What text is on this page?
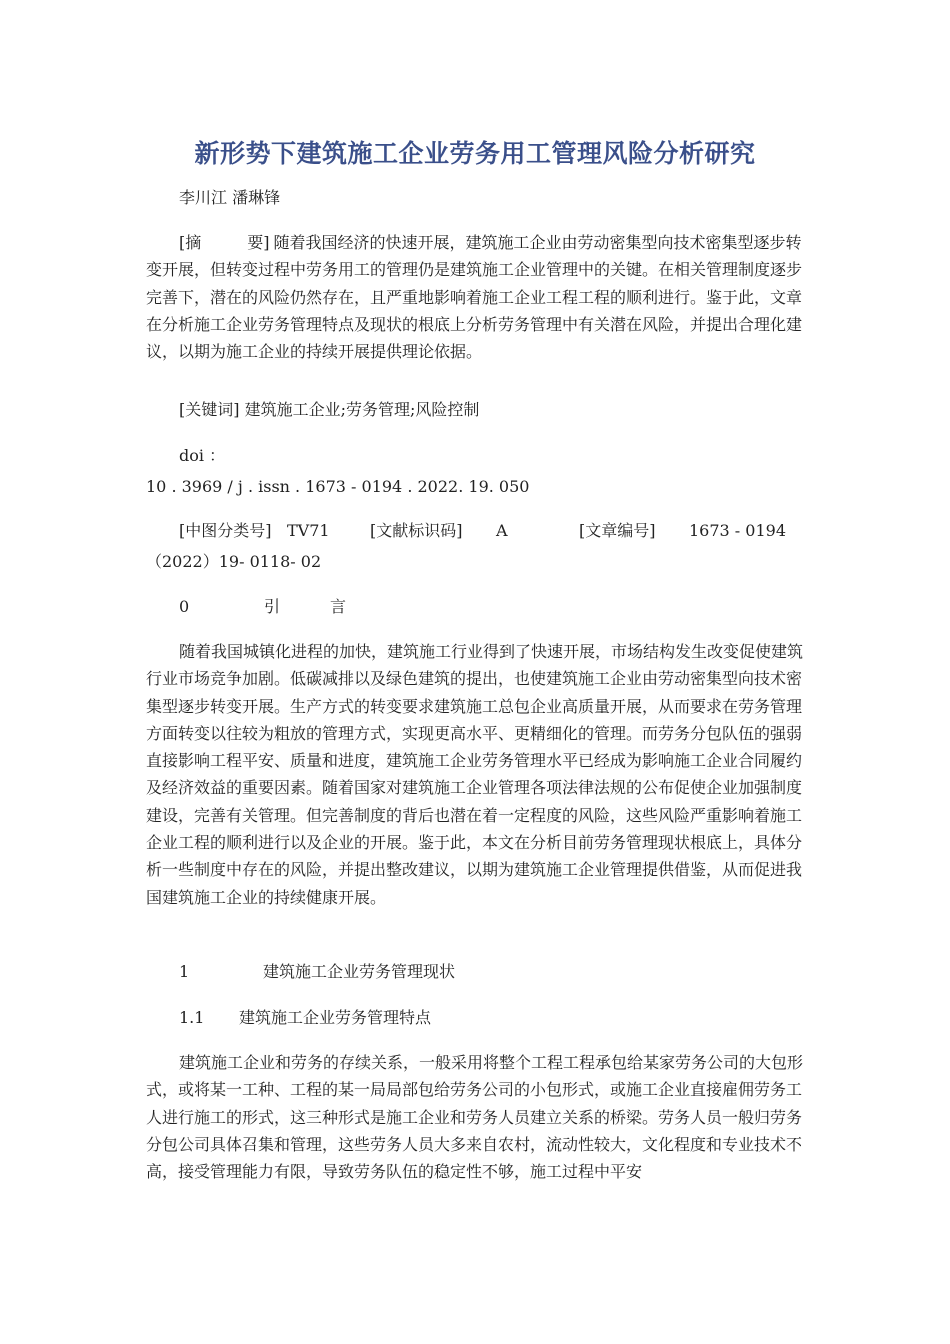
新形势下建筑施工企业劳务用工管理风险分析研究
李川江 潘琳锋
[摘	要] 随着我国经济的快速开展，建筑施工企业由劳动密集型向技术密集型逐步转变开展，但转变过程中劳务用工的管理仍是建筑施工企业管理中的关键。在相关管理制度逐步完善下，潜在的风险仍然存在，且严重地影响着施工企业工程工程的顺利进行。鉴于此，文章在分析施工企业劳务管理特点及现状的根底上分析劳务管理中有关潜在风险，并提出合理化建议，以期为施工企业的持续开展提供理论依据。
[关键词] 建筑施工企业;劳务管理;风险控制
doi ：
10 . 3969 / j . issn . 1673 - 0194 . 2022. 19. 050
[中图分类号] TV71	[文献标识码] A	[文章编号] 1673 - 0194
（2022）19- 0118- 02
0	引	言
随着我国城镇化进程的加快，建筑施工行业得到了快速开展，市场结构发生改变促使建筑行业市场竞争加剧。低碳减排以及绿色建筑的提出，也使建筑施工企业由劳动密集型向技术密集型逐步转变开展。生产方式的转变要求建筑施工总包企业高质量开展，从而要求在劳务管理方面转变以往较为粗放的管理方式，实现更高水平、更精细化的管理。而劳务分包队伍的强弱直接影响工程平安、质量和进度，建筑施工企业劳务管理水平已经成为影响施工企业合同履约及经济效益的重要因素。随着国家对建筑施工企业管理各项法律法规的公布促使企业加强制度建设，完善有关管理。但完善制度的背后也潜在着一定程度的风险，这些风险严重影响着施工企业工程的顺利进行以及企业的开展。鉴于此，本文在分析目前劳务管理现状根底上，具体分析一些制度中存在的风险，并提出整改建议，以期为建筑施工企业管理提供借鉴，从而促进我国建筑施工企业的持续健康开展。
1	建筑施工企业劳务管理现状
1.1 建筑施工企业劳务管理特点
建筑施工企业和劳务的存续关系，一般采用将整个工程工程承包给某家劳务公司的大包形式，或将某一工种、工程的某一局局部包给劳务公司的小包形式，或施工企业直接雇佣劳务工人进行施工的形式，这三种形式是施工企业和劳务人员建立关系的桥梁。劳务人员一般归劳务分包公司具体召集和管理，这些劳务人员大多来自农村，流动性较大，文化程度和专业技术不高，接受管理能力有限，导致劳务队伍的稳定性不够，施工过程中平安
